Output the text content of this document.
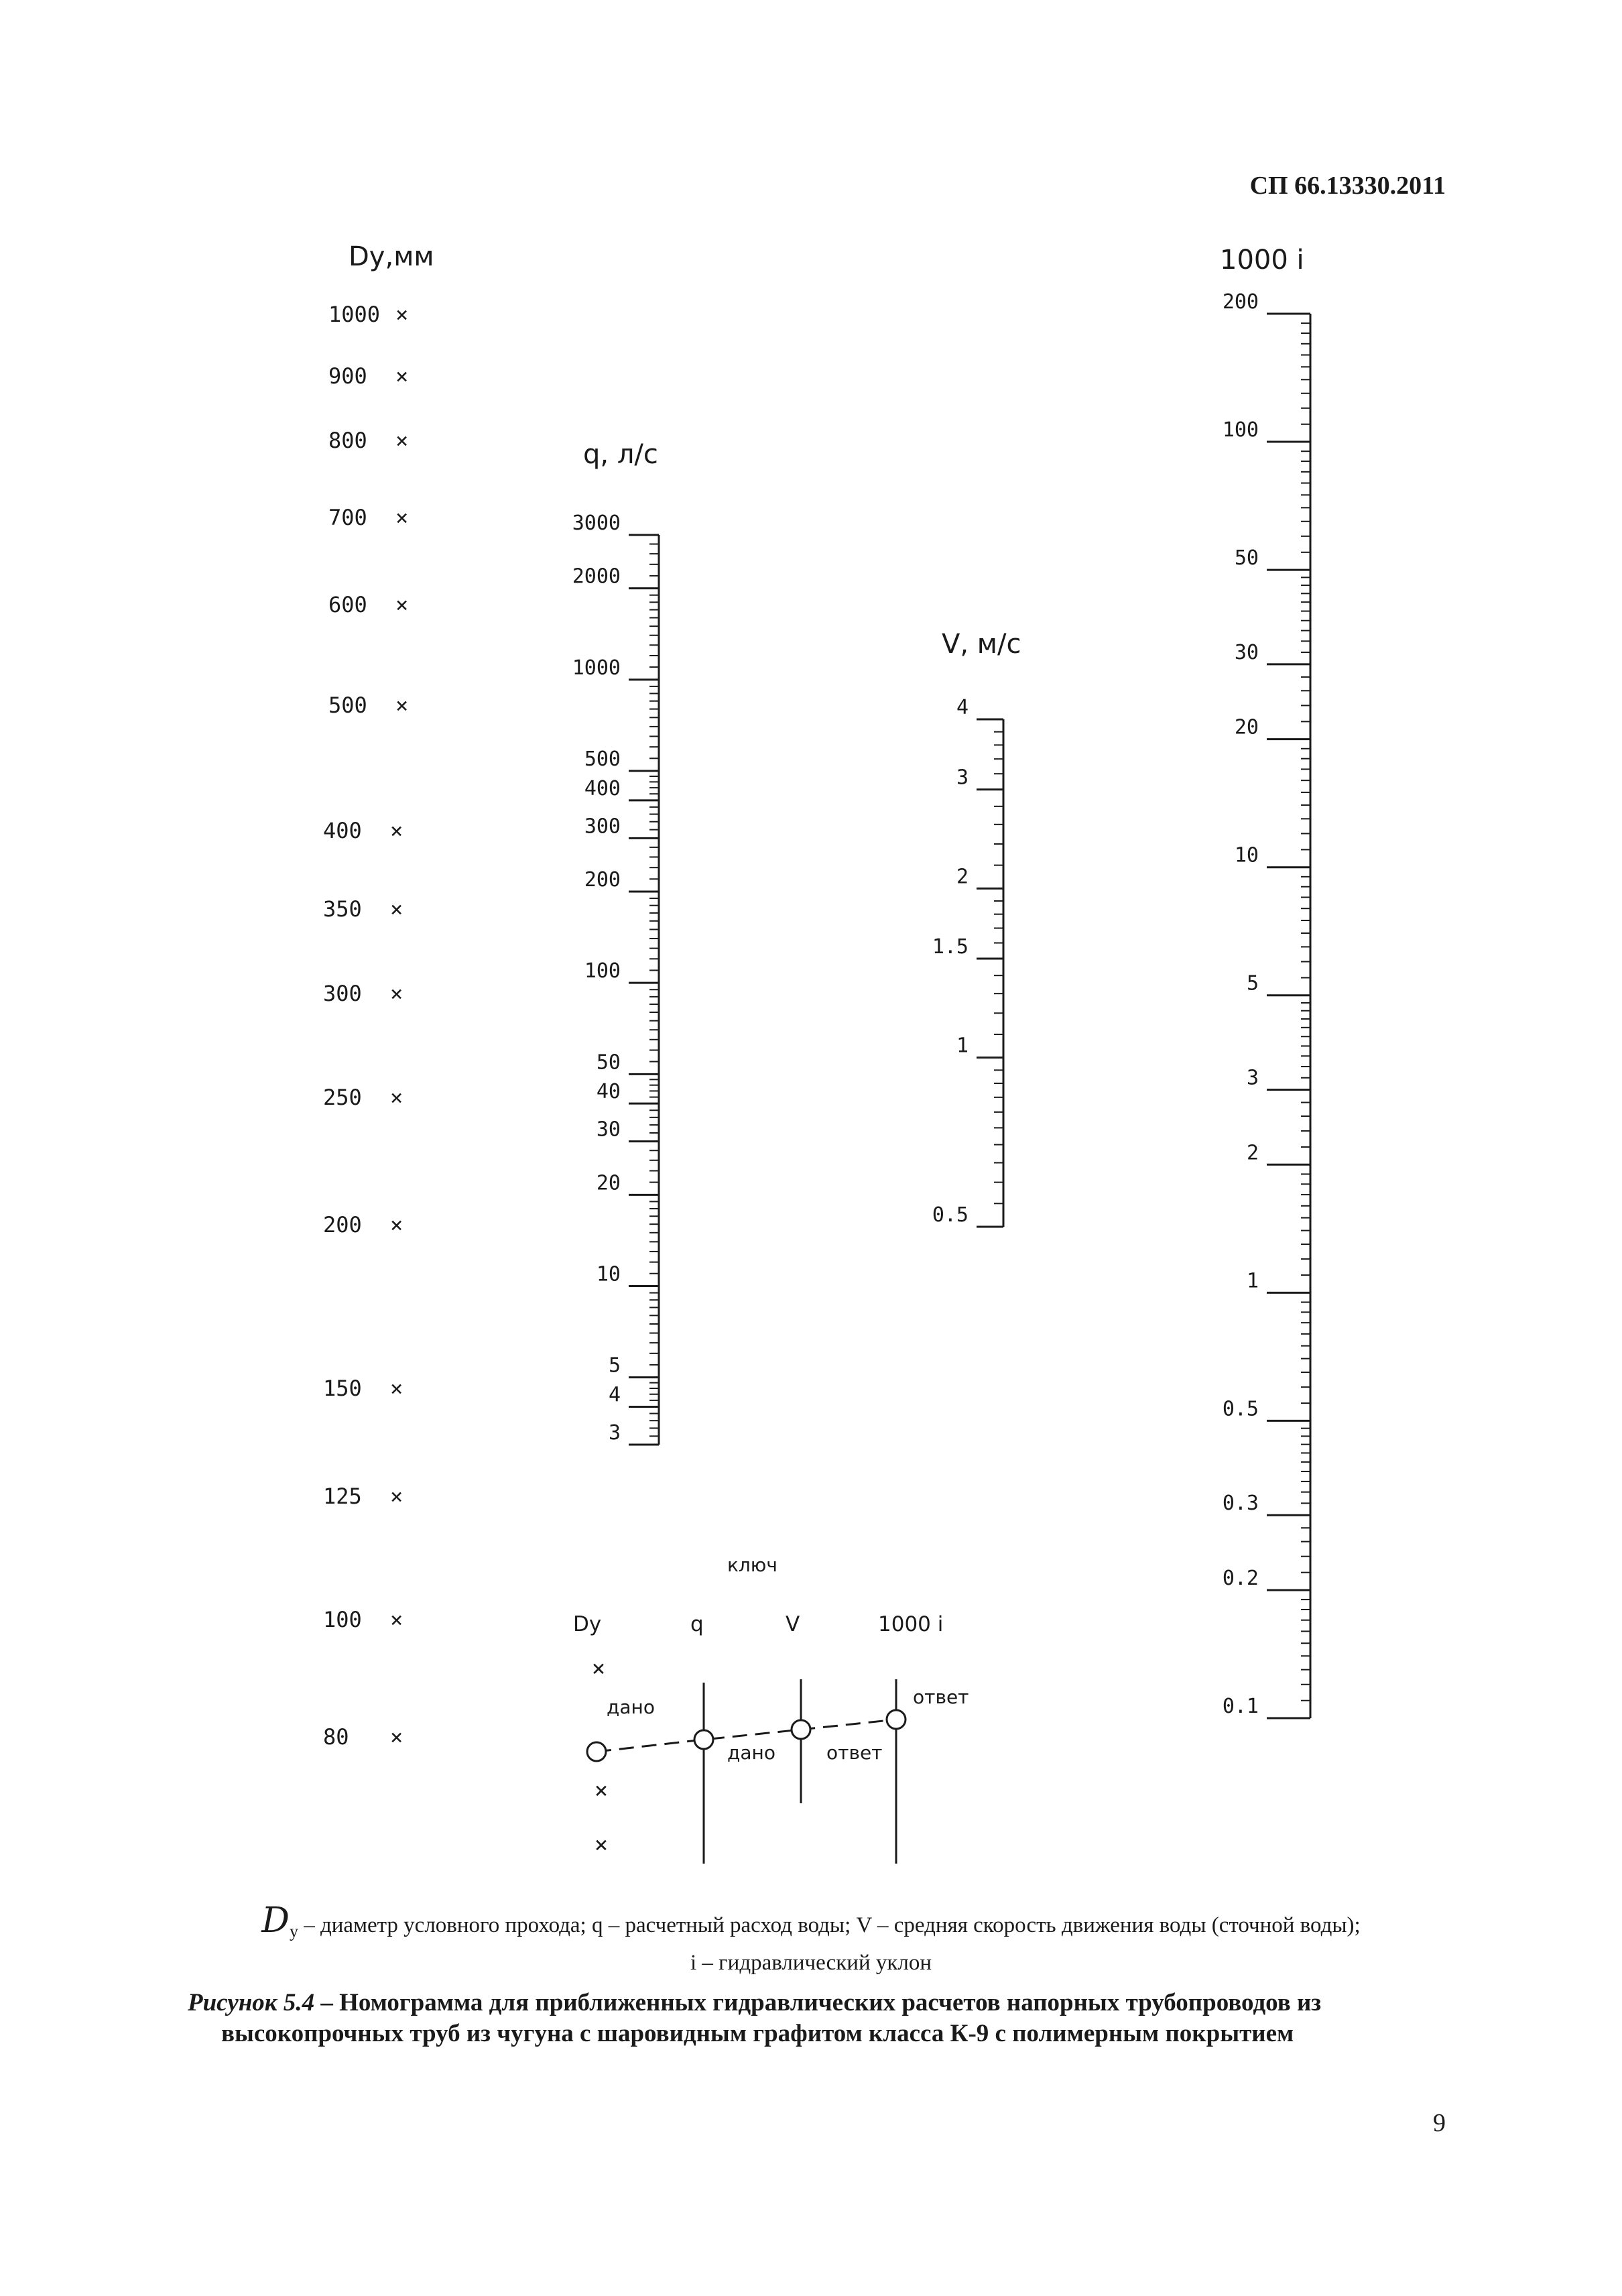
СП 66.13330.2011
Dу,мм
q, л/с
V, м/с
1000 i
1000 ×
900 ×
800 ×
700 ×
600 ×
500 ×
400 ×
350 ×
300 ×
250 ×
200 ×
150 ×
125 ×
100 ×
80 ×
3000
2000
1000
500
400
300
200
100
50
40
30
20
10
5
4
3
4
3
2
1.5
1
0.5
200
100
50
30
20
10
5
3
2
1
0.5
0.3
0.2
0.1
×
×
×
ключ
Dу	q	V	1000 i
дано
дано	ответ
ответ
$D_у$ – диаметр условного прохода; q – расчетный расход воды; V – средняя скорость движения воды (сточной воды);
i – гидравлический уклон
Рисунок 5.4 – Номограмма для приближенных гидравлических расчетов напорных трубопроводов из
высокопрочных труб из чугуна с шаровидным графитом класса К-9 с полимерным покрытием
9
